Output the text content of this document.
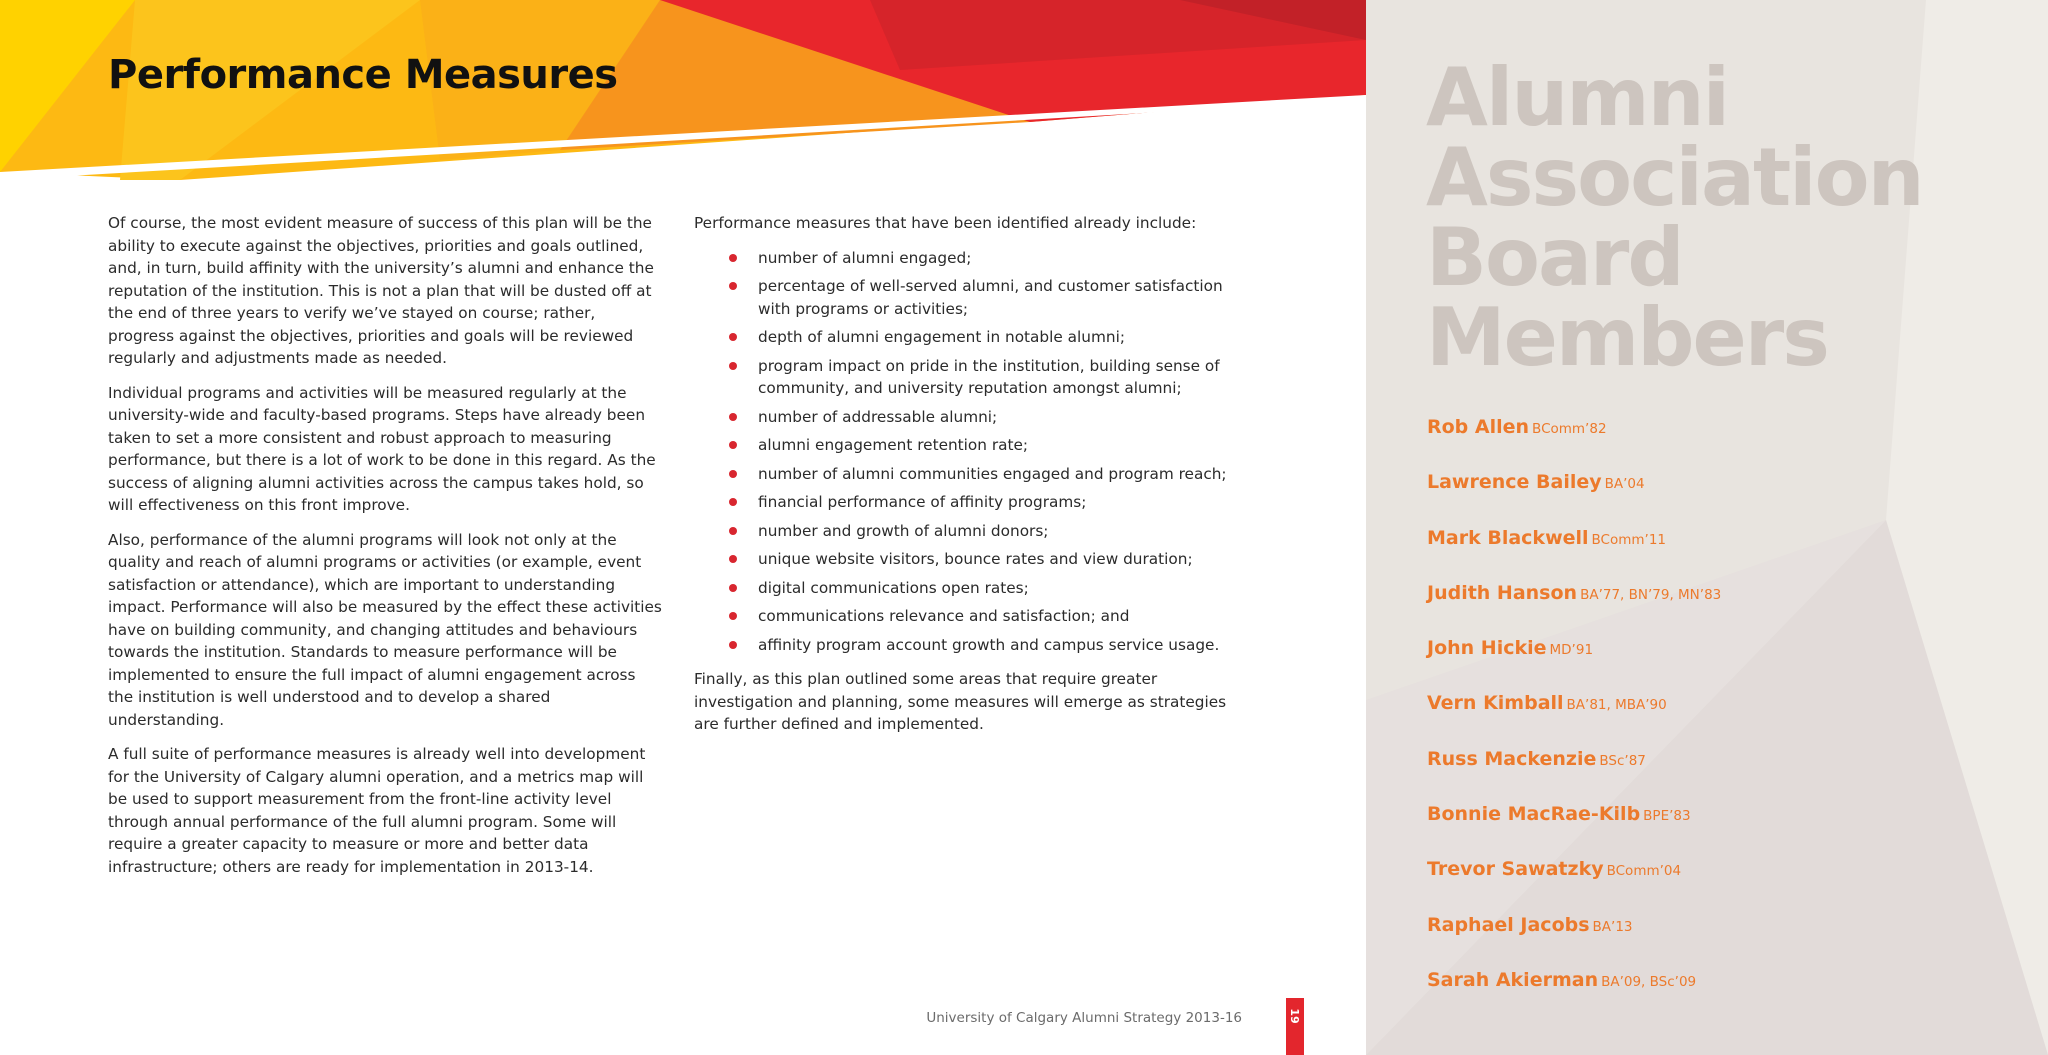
Performance Measures

Of course, the most evident measure of success of this plan will be the ability to execute against the objectives, priorities and goals outlined, and, in turn, build affinity with the university’s alumni and enhance the reputation of the institution. This is not a plan that will be dusted off at the end of three years to verify we’ve stayed on course; rather, progress against the objectives, priorities and goals will be reviewed regularly and adjustments made as needed.

Individual programs and activities will be measured regularly at the university-wide and faculty-based programs. Steps have already been taken to set a more consistent and robust approach to measuring performance, but there is a lot of work to be done in this regard. As the success of aligning alumni activities across the campus takes hold, so will effectiveness on this front improve.

Also, performance of the alumni programs will look not only at the quality and reach of alumni programs or activities (or example, event satisfaction or attendance), which are important to understanding impact. Performance will also be measured by the effect these activities have on building community, and changing attitudes and behaviours towards the institution. Standards to measure performance will be implemented to ensure the full impact of alumni engagement across the institution is well understood and to develop a shared understanding.

A full suite of performance measures is already well into development for the University of Calgary alumni operation, and a metrics map will be used to support measurement from the front-line activity level through annual performance of the full alumni program. Some will require a greater capacity to measure or more and better data infrastructure; others are ready for implementation in 2013-14.

Performance measures that have been identified already include:

number of alumni engaged;
percentage of well-served alumni, and customer satisfaction with programs or activities;
depth of alumni engagement in notable alumni;
program impact on pride in the institution, building sense of community, and university reputation amongst alumni;
number of addressable alumni;
alumni engagement retention rate;
number of alumni communities engaged and program reach;
financial performance of affinity programs;
number and growth of alumni donors;
unique website visitors, bounce rates and view duration;
digital communications open rates;
communications relevance and satisfaction; and
affinity program account growth and campus service usage.

Finally, as this plan outlined some areas that require greater investigation and planning, some measures will emerge as strategies are further defined and implemented.

University of Calgary Alumni Strategy 2013-16	19
Alumni
Association
Board
Members
Rob Allen BComm’82
Lawrence Bailey BA’04
Mark Blackwell BComm’11
Judith Hanson BA’77, BN’79, MN’83
John Hickie MD’91
Vern Kimball BA’81, MBA’90
Russ Mackenzie BSc’87
Bonnie MacRae-Kilb BPE’83
Trevor Sawatzky BComm’04
Raphael Jacobs BA’13
Sarah Akierman BA’09, BSc’09
